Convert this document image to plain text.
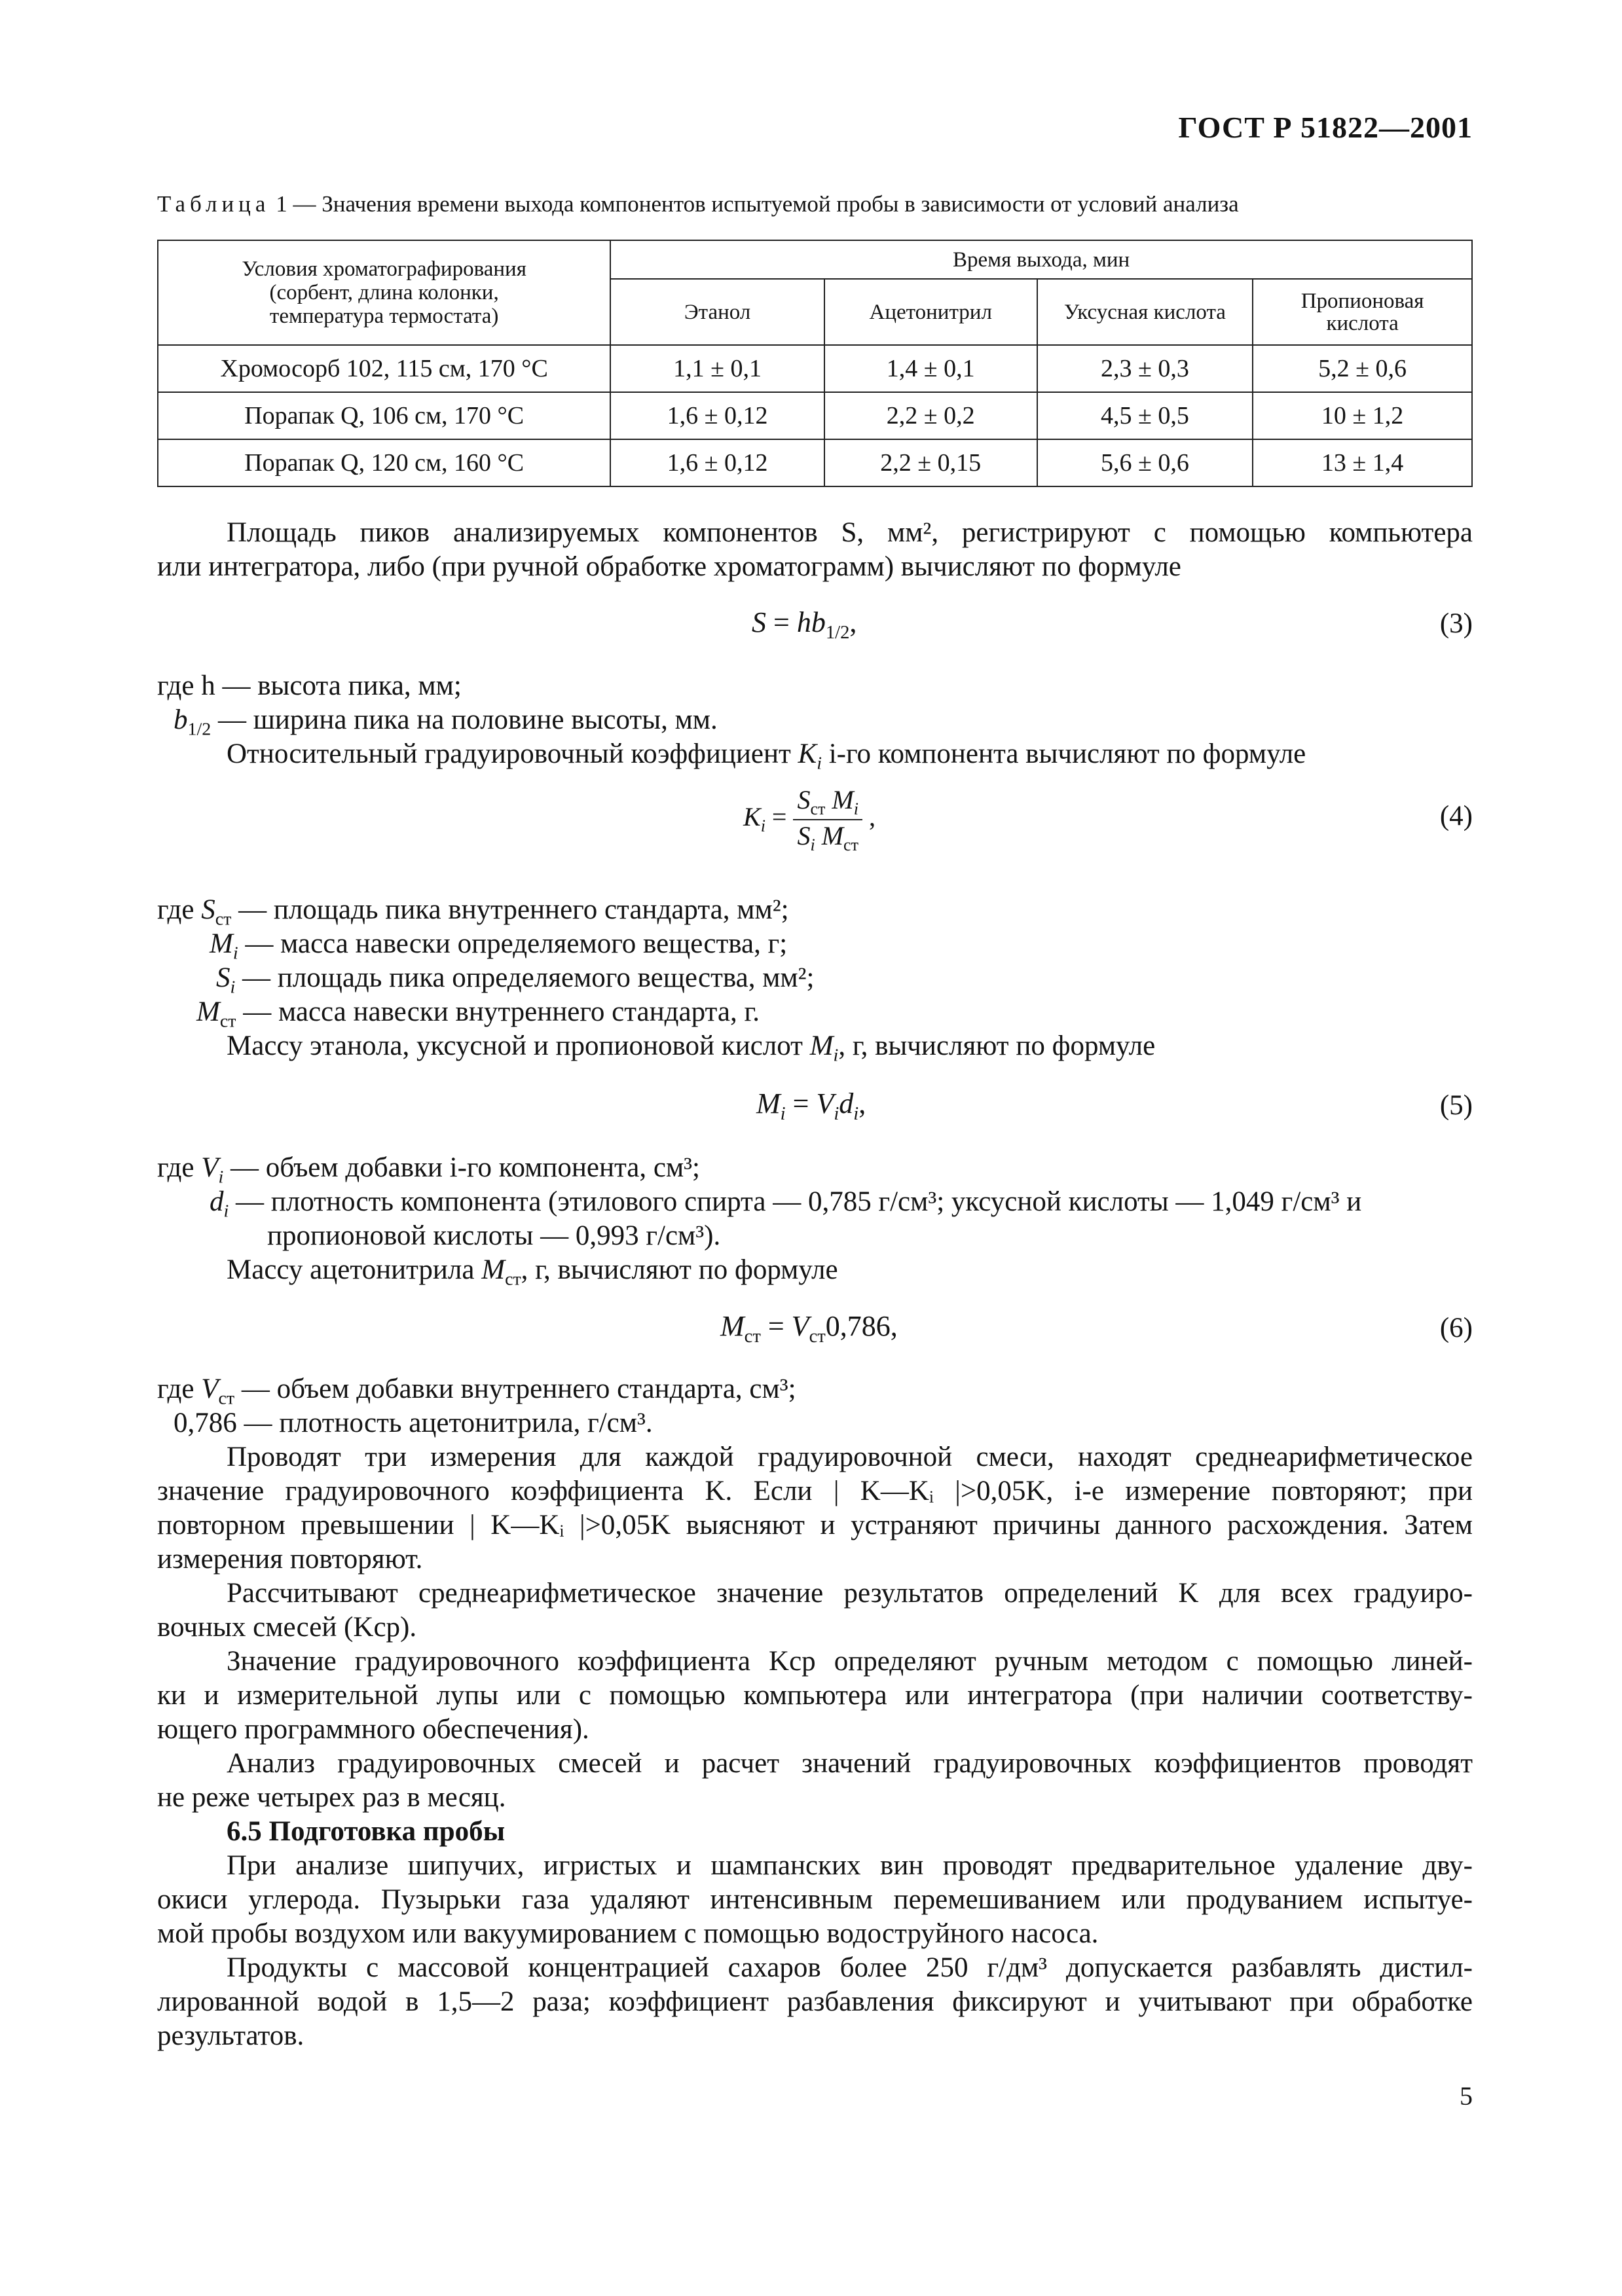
ГОСТ Р 51822—2001
Таблица 1 — Значения времени выхода компонентов испытуемой пробы в зависимости от условий анализа
Условия хроматографирования
(сорбент, длина колонки,
температура термостата)	Время выхода, мин			
	Этанол	Ацетонитрил	Уксусная кислота	Пропионовая
кислота
Хромосорб 102, 115 см, 170 °С	1,1 ± 0,1	1,4 ± 0,1	2,3 ± 0,3	5,2 ± 0,6
Порапак Q, 106 см, 170 °С	1,6 ± 0,12	2,2 ± 0,2	4,5 ± 0,5	10 ± 1,2
Порапак Q, 120 см, 160 °С	1,6 ± 0,12	2,2 ± 0,15	5,6 ± 0,6	13 ± 1,4
Площадь пиков анализируемых компонентов S, мм², регистрируют с помощью компьютера
или интегратора, либо (при ручной обработке хроматограмм) вычисляют по формуле
$S = hb_{1/2}$,	(3)
где h — высота пика, мм;
$b_{1/2}$ — ширина пика на половине высоты, мм.
Относительный градуировочный коэффициент $K_i$ i-го компонента вычисляют по формуле
$K_i = \frac{S_{ст} M_i}{S_i M_{ст}}$ ,	(4)
где $S_{ст}$ — площадь пика внутреннего стандарта, мм²;
$M_i$ — масса навески определяемого вещества, г;
$S_i$ — площадь пика определяемого вещества, мм²;
$M_{ст}$ — масса навески внутреннего стандарта, г.
Массу этанола, уксусной и пропионовой кислот $M_i$, г, вычисляют по формуле
$M_i = V_id_i$,	(5)
где $V_i$ — объем добавки i-го компонента, см³;
$d_i$ — плотность компонента (этилового спирта — 0,785 г/см³; уксусной кислоты — 1,049 г/см³ и
пропионовой кислоты — 0,993 г/см³).
Массу ацетонитрила $M_{ст}$, г, вычисляют по формуле
$M_{ст} = V_{ст}0,786$,	(6)
где $V_{ст}$ — объем добавки внутреннего стандарта, см³;
0,786 — плотность ацетонитрила, г/см³.
Проводят три измерения для каждой градуировочной смеси, находят среднеарифметическое
значение градуировочного коэффициента K. Если | K—Kᵢ |>0,05K, i-е измерение повторяют; при
повторном превышении | K—Kᵢ |>0,05K выясняют и устраняют причины данного расхождения. Затем
измерения повторяют.
Рассчитывают среднеарифметическое значение результатов определений K для всех градуиро-
вочных смесей (Kср).
Значение градуировочного коэффициента Kср определяют ручным методом с помощью линей-
ки и измерительной лупы или с помощью компьютера или интегратора (при наличии соответству-
ющего программного обеспечения).
Анализ градуировочных смесей и расчет значений градуировочных коэффициентов проводят
не реже четырех раз в месяц.
6.5 Подготовка пробы
При анализе шипучих, игристых и шампанских вин проводят предварительное удаление дву-
окиси углерода. Пузырьки газа удаляют интенсивным перемешиванием или продуванием испытуе-
мой пробы воздухом или вакуумированием с помощью водоструйного насоса.
Продукты с массовой концентрацией сахаров более 250 г/дм³ допускается разбавлять дистил-
лированной водой в 1,5—2 раза; коэффициент разбавления фиксируют и учитывают при обработке
результатов.
5
